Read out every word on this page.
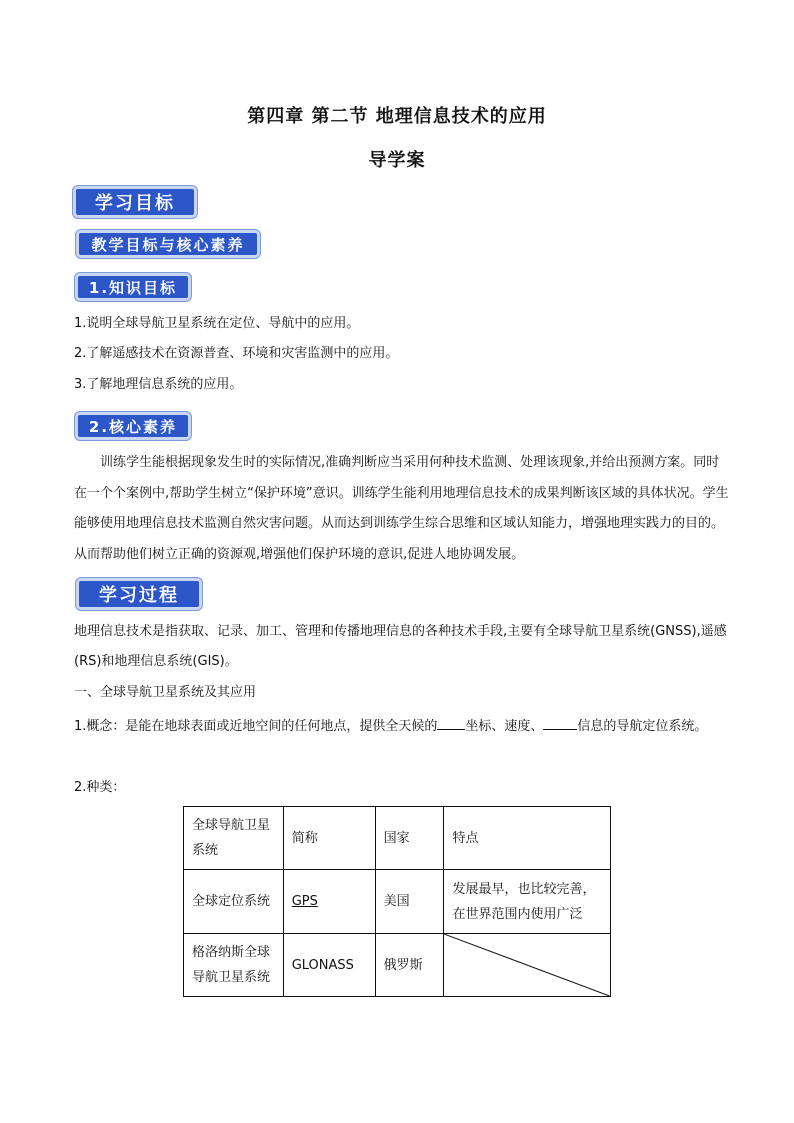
第四章 第二节 地理信息技术的应用
导学案
学习目标
教学目标与核心素养
1.知识目标
1.说明全球导航卫星系统在定位、导航中的应用。
2.了解遥感技术在资源普查、环境和灾害监测中的应用。
3.了解地理信息系统的应用。
2.核心素养
训练学生能根据现象发生时的实际情况,准确判断应当采用何种技术监测、处理该现象,并给出预测方案。同时在一个个案例中,帮助学生树立“保护环境”意识。训练学生能利用地理信息技术的成果判断该区域的具体状况。学生能够使用地理信息技术监测自然灾害问题。从而达到训练学生综合思维和区域认知能力，增强地理实践力的目的。从而帮助他们树立正确的资源观,增强他们保护环境的意识,促进人地协调发展。
学习过程
地理信息技术是指获取、记录、加工、管理和传播地理信息的各种技术手段,主要有全球导航卫星系统(GNSS),遥感(RS)和地理信息系统(GIS)。
一、全球导航卫星系统及其应用
1.概念：是能在地球表面或近地空间的任何地点，提供全天候的 坐标、速度、	信息的导航定位系统。
2.种类：
全球导航卫星系统	简称	国家	特点
全球定位系统	GPS	美国	发展最早，也比较完善，在世界范围内使用广泛
格洛纳斯全球导航卫星系统	GLONASS	俄罗斯	
